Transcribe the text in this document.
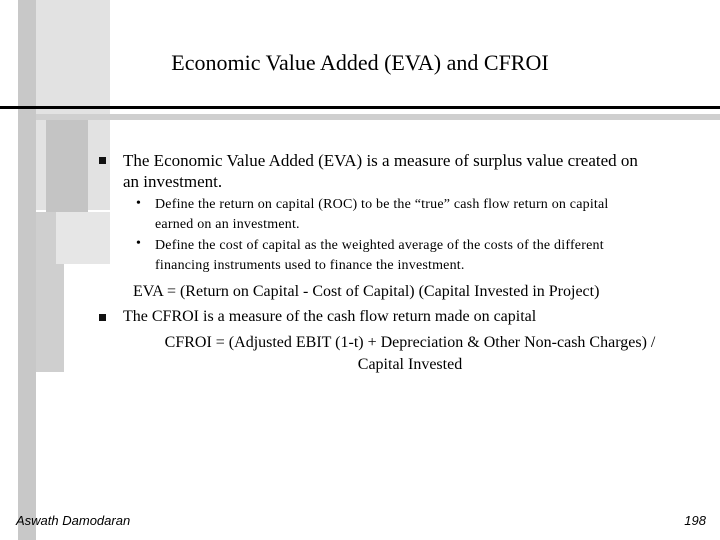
Economic Value Added (EVA) and CFROI
The Economic Value Added (EVA) is a measure of surplus value created on
an investment.
• Define the return on capital (ROC) to be the “true” cash flow return on capital
earned on an investment.
• Define the cost of capital as the weighted average of the costs of the different
financing instruments used to finance the investment.
EVA = (Return on Capital - Cost of Capital) (Capital Invested in Project)
The CFROI is a measure of the cash flow return made on capital
CFROI = (Adjusted EBIT (1-t) + Depreciation & Other Non-cash Charges) /
Capital Invested
Aswath Damodaran	198
